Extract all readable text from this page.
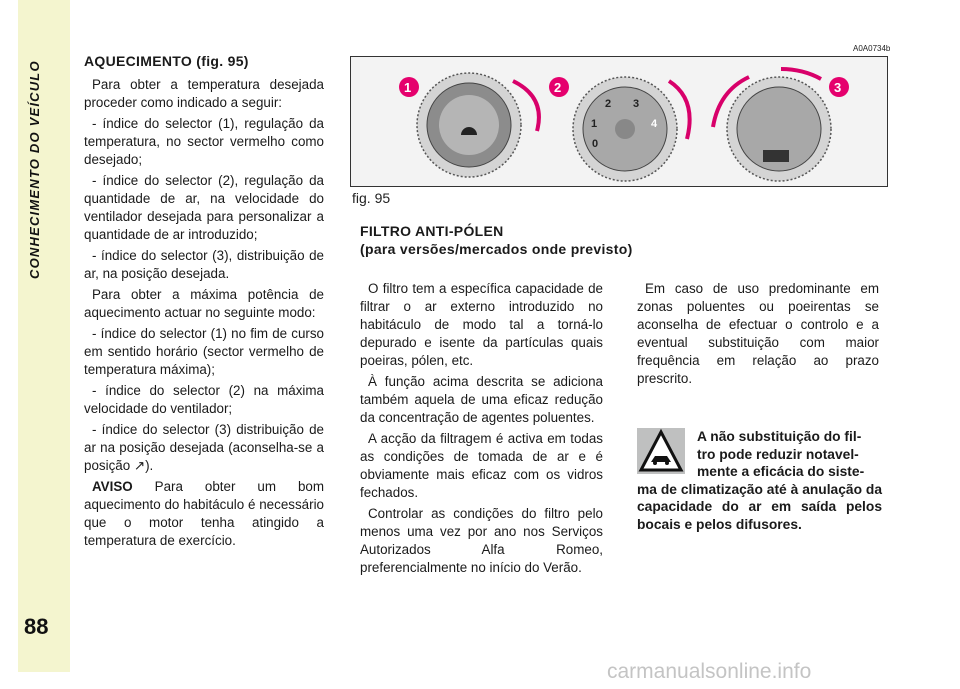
CONHECIMENTO DO VEÍCULO
88
AQUECIMENTO (fig. 95)

Para obter a temperatura desejada proceder como indicado a seguir:

- índice do selector (1), regulação da temperatura, no sector vermelho como desejado;

- índice do selector (2), regulação da quantidade de ar, na velocidade do ventilador desejada para personalizar a quantidade de ar introduzido;

- índice do selector (3), distribuição de ar, na posição desejada.

Para obter a máxima potência de aquecimento actuar no seguinte modo:

- índice do selector (1) no fim de curso em sentido horário (sector vermelho de temperatura máxima);

- índice do selector (2) na máxima velocidade do ventilador;

- índice do selector (3) distribuição de ar na posição desejada (aconselha-se a posição ↗).

AVISO Para obter um bom aquecimento do habitáculo é necessário que o motor tenha atingido a temperatura de exercício.

A0A0734b
0
1
2 3
4
1	2	3
fig. 95
FILTRO ANTI-PÓLEN
(para versões/mercados onde previsto)

O filtro tem a específica capacidade de filtrar o ar externo introduzido no habitáculo de modo tal a torná-lo depurado e isente da partículas quais poeiras, pólen, etc.

À função acima descrita se adiciona também aquela de uma eficaz redução da concentração de agentes poluentes.

A acção da filtragem é activa em todas as condições de tomada de ar e é obviamente mais eficaz com os vidros fechados.

Controlar as condições do filtro pelo menos uma vez por ano nos Serviços Autorizados Alfa Romeo, preferencialmente no início do Verão.

Em caso de uso predominante em zonas poluentes ou poeirentas se aconselha de efectuar o controlo e a eventual substituição com maior frequência em relação ao prazo prescrito.

A não substituição do fil-

tro pode reduzir notavel-

mente a eficácia do siste-

ma de climatização até à anulação da capacidade do ar em saída pelos bocais e pelos difusores.

carmanualsonline.info
